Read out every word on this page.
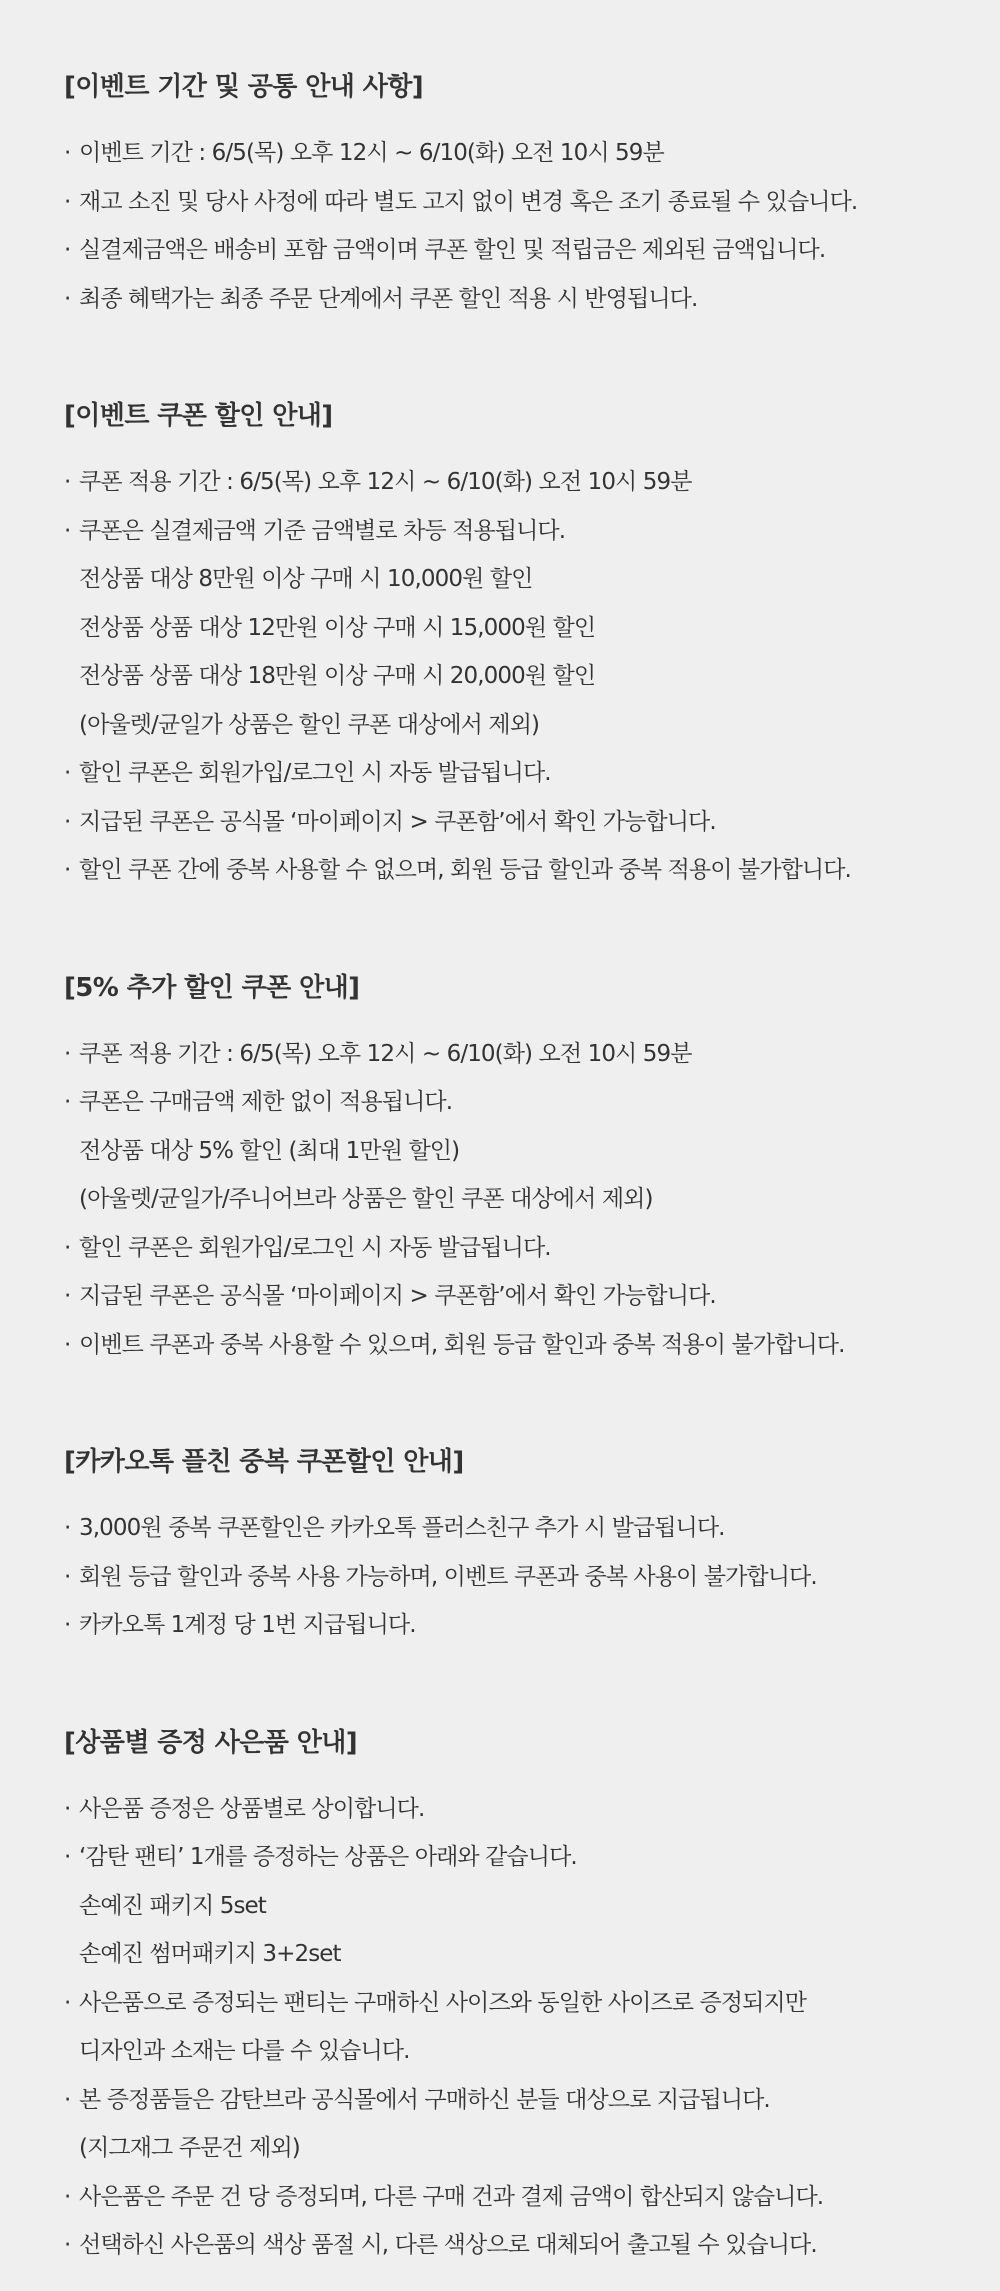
[이벤트 기간 및 공통 안내 사항]
· 이벤트 기간 : 6/5(목) 오후 12시 ~ 6/10(화) 오전 10시 59분
· 재고 소진 및 당사 사정에 따라 별도 고지 없이 변경 혹은 조기 종료될 수 있습니다.
· 실결제금액은 배송비 포함 금액이며 쿠폰 할인 및 적립금은 제외된 금액입니다.
· 최종 혜택가는 최종 주문 단계에서 쿠폰 할인 적용 시 반영됩니다.
[이벤트 쿠폰 할인 안내]
· 쿠폰 적용 기간 : 6/5(목) 오후 12시 ~ 6/10(화) 오전 10시 59분
· 쿠폰은 실결제금액 기준 금액별로 차등 적용됩니다.
전상품 대상 8만원 이상 구매 시 10,000원 할인
전상품 상품 대상 12만원 이상 구매 시 15,000원 할인
전상품 상품 대상 18만원 이상 구매 시 20,000원 할인
(아울렛/균일가 상품은 할인 쿠폰 대상에서 제외)
· 할인 쿠폰은 회원가입/로그인 시 자동 발급됩니다.
· 지급된 쿠폰은 공식몰 ‘마이페이지 > 쿠폰함’에서 확인 가능합니다.
· 할인 쿠폰 간에 중복 사용할 수 없으며, 회원 등급 할인과 중복 적용이 불가합니다.
[5% 추가 할인 쿠폰 안내]
· 쿠폰 적용 기간 : 6/5(목) 오후 12시 ~ 6/10(화) 오전 10시 59분
· 쿠폰은 구매금액 제한 없이 적용됩니다.
전상품 대상 5% 할인 (최대 1만원 할인)
(아울렛/균일가/주니어브라 상품은 할인 쿠폰 대상에서 제외)
· 할인 쿠폰은 회원가입/로그인 시 자동 발급됩니다.
· 지급된 쿠폰은 공식몰 ‘마이페이지 > 쿠폰함’에서 확인 가능합니다.
· 이벤트 쿠폰과 중복 사용할 수 있으며, 회원 등급 할인과 중복 적용이 불가합니다.
[카카오톡 플친 중복 쿠폰할인 안내]
· 3,000원 중복 쿠폰할인은 카카오톡 플러스친구 추가 시 발급됩니다.
· 회원 등급 할인과 중복 사용 가능하며, 이벤트 쿠폰과 중복 사용이 불가합니다.
· 카카오톡 1계정 당 1번 지급됩니다.
[상품별 증정 사은품 안내]
· 사은품 증정은 상품별로 상이합니다.
· ‘감탄 팬티’ 1개를 증정하는 상품은 아래와 같습니다.
손예진 패키지 5set
손예진 썸머패키지 3+2set
· 사은품으로 증정되는 팬티는 구매하신 사이즈와 동일한 사이즈로 증정되지만
디자인과 소재는 다를 수 있습니다.
· 본 증정품들은 감탄브라 공식몰에서 구매하신 분들 대상으로 지급됩니다.
(지그재그 주문건 제외)
· 사은품은 주문 건 당 증정되며, 다른 구매 건과 결제 금액이 합산되지 않습니다.
· 선택하신 사은품의 색상 품절 시, 다른 색상으로 대체되어 출고될 수 있습니다.
